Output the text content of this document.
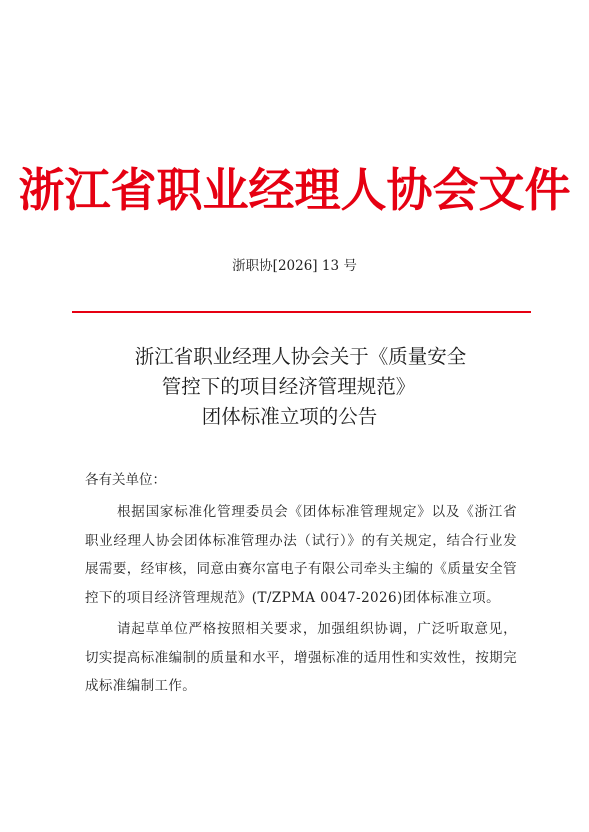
浙江省职业经理人协会文件
浙职协[2026] 13 号
浙江省职业经理人协会关于《质量安全
管控下的项目经济管理规范》
团体标准立项的公告

各有关单位：

根据国家标准化管理委员会《团体标准管理规定》以及《浙江省职业经理人协会团体标准管理办法（试行）》的有关规定，结合行业发展需要，经审核，同意由赛尔富电子有限公司牵头主编的《质量安全管控下的项目经济管理规范》(T/ZPMA 0047-2026)团体标准立项。

请起草单位严格按照相关要求，加强组织协调，广泛听取意见，切实提高标准编制的质量和水平，增强标准的适用性和实效性，按期完成标准编制工作。
